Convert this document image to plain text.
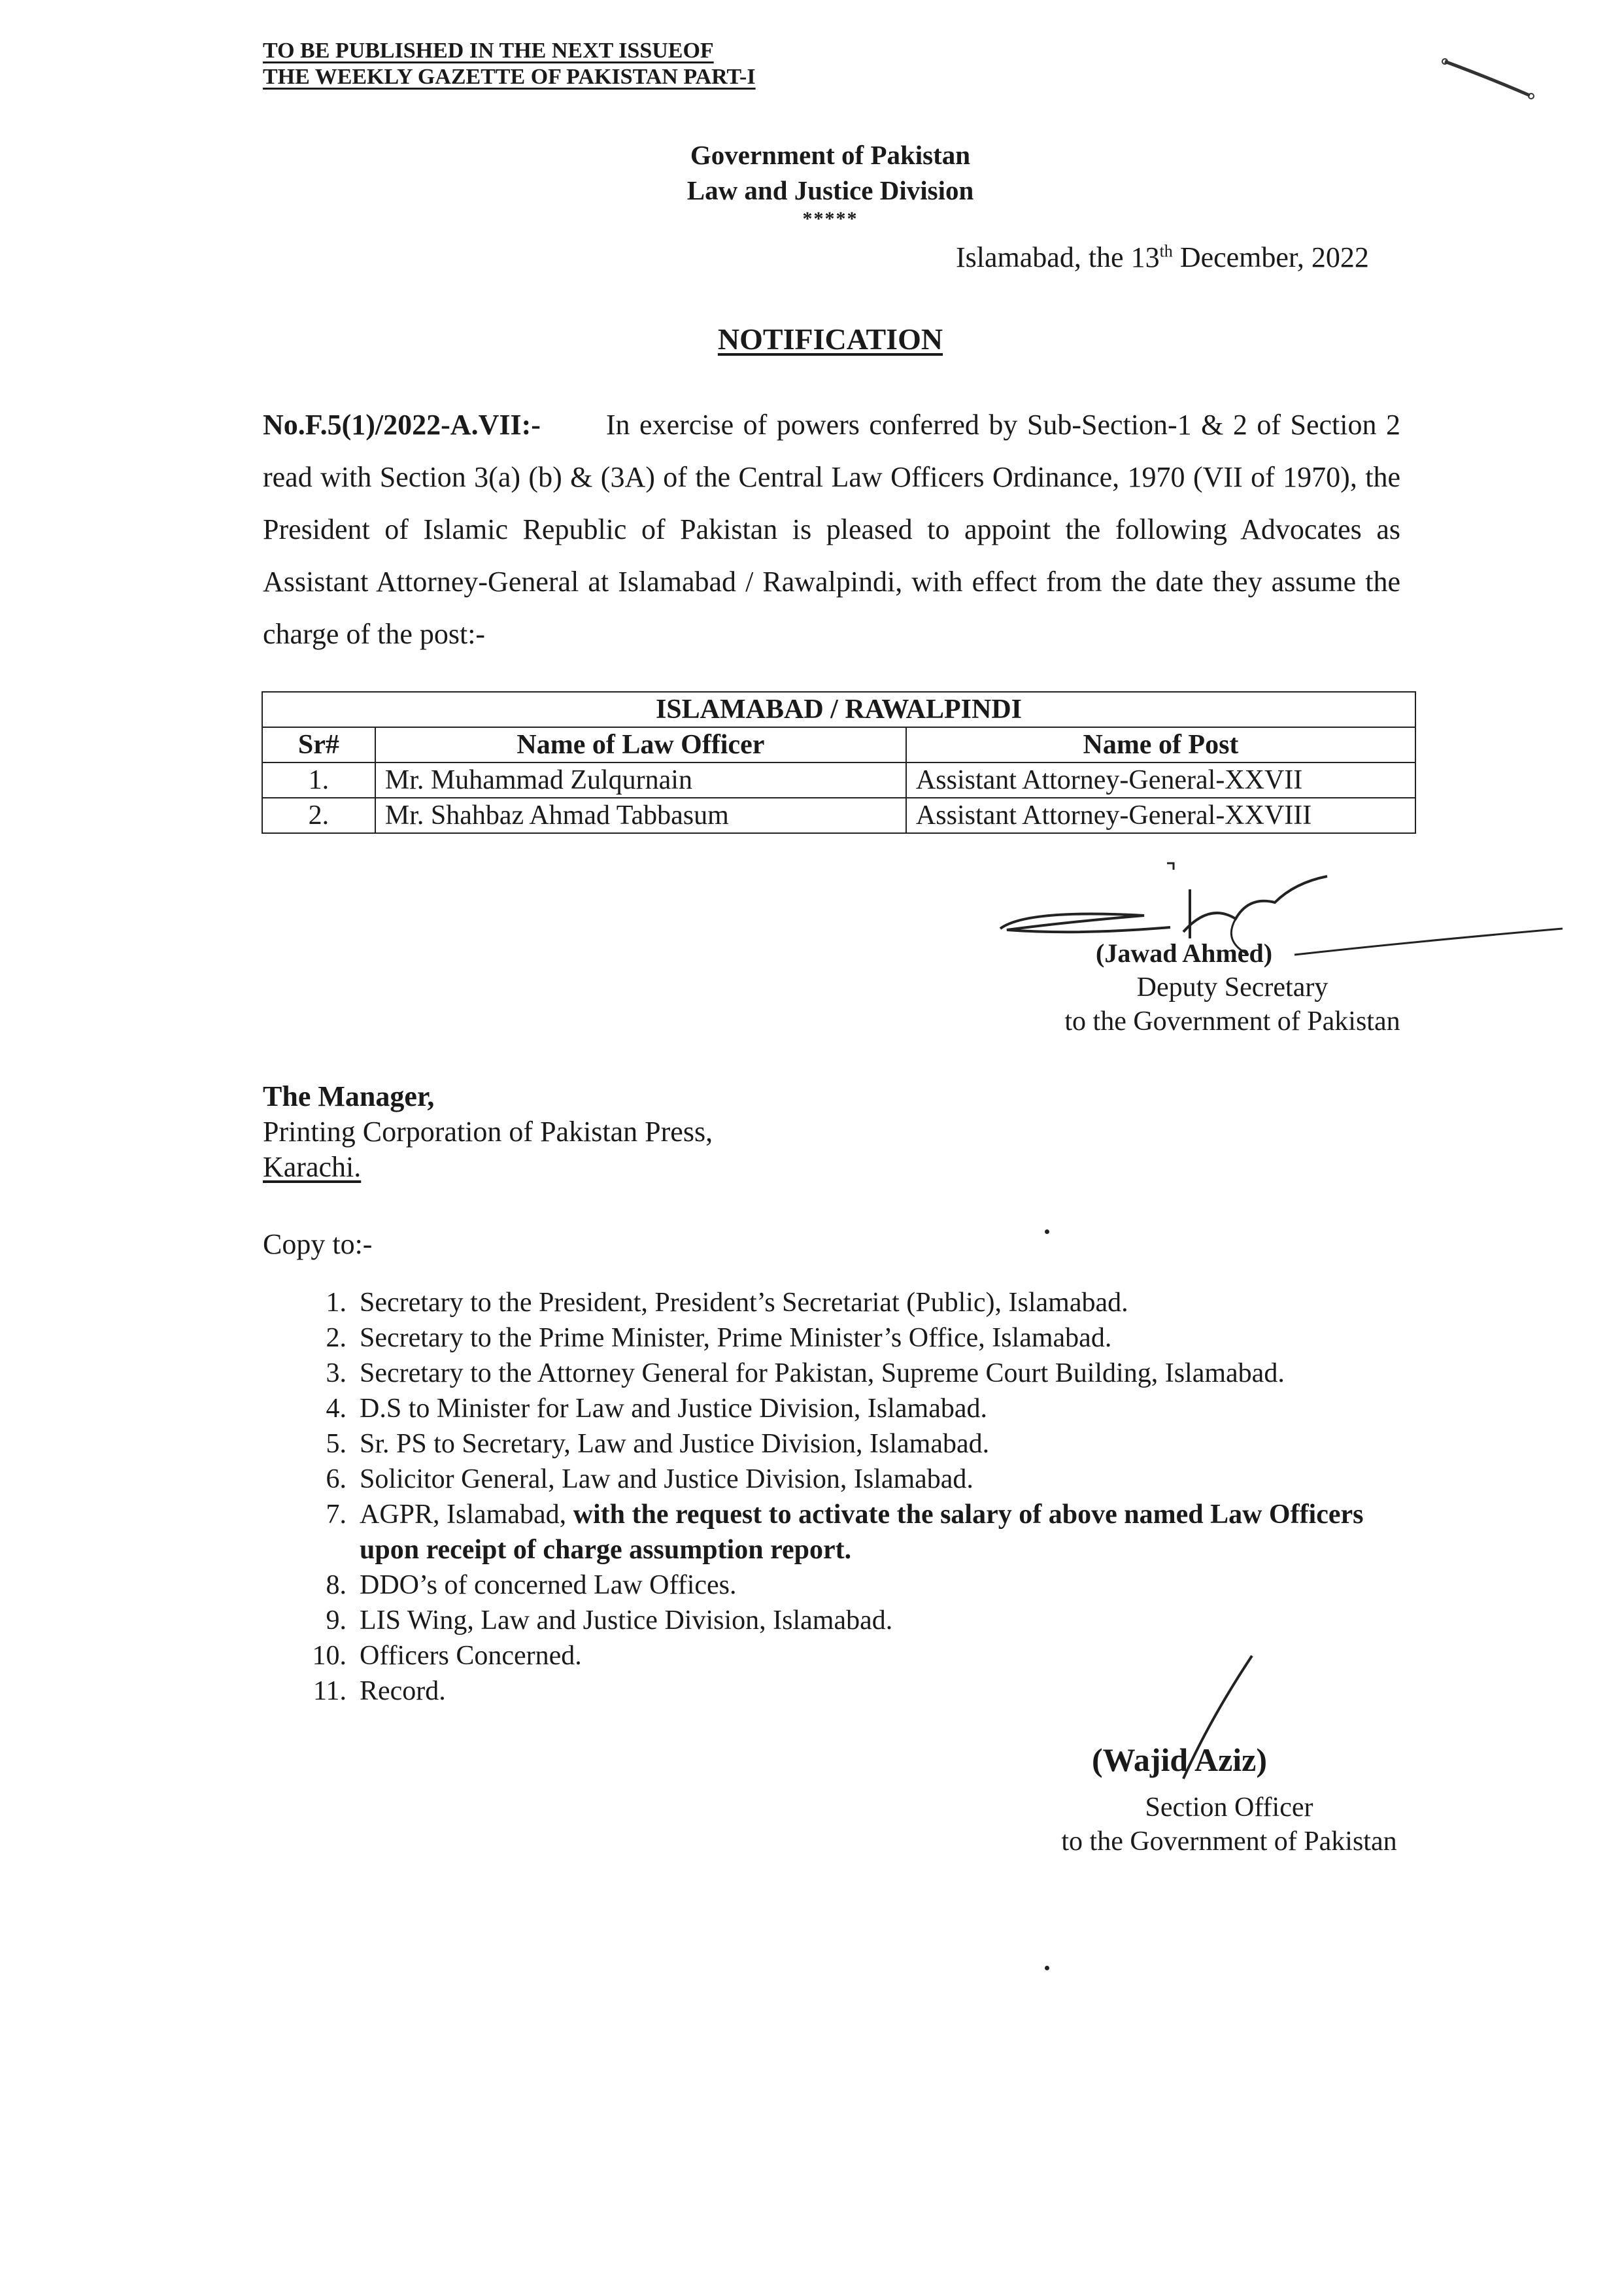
TO BE PUBLISHED IN THE NEXT ISSUEOF
THE WEEKLY GAZETTE OF PAKISTAN PART-I
Government of Pakistan
Law and Justice Division
*****
Islamabad, the 13th December, 2022
NOTIFICATION
No.F.5(1)/2022-A.VII:- In exercise of powers conferred by Sub-Section-1 & 2 of Section 2 read with Section 3(a) (b) & (3A) of the Central Law Officers Ordinance, 1970 (VII of 1970), the President of Islamic Republic of Pakistan is pleased to appoint the following Advocates as Assistant Attorney-General at Islamabad / Rawalpindi, with effect from the date they assume the charge of the post:-
ISLAMABAD / RAWALPINDI		
Sr#	Name of Law Officer	Name of Post
1.	Mr. Muhammad Zulqurnain	Assistant Attorney-General-XXVII
2.	Mr. Shahbaz Ahmad Tabbasum	Assistant Attorney-General-XXVIII
(Jawad Ahmed)
Deputy Secretary
to the Government of Pakistan
The Manager,
Printing Corporation of Pakistan Press,
Karachi.
Copy to:-
1. Secretary to the President, President’s Secretariat (Public), Islamabad.
2. Secretary to the Prime Minister, Prime Minister’s Office, Islamabad.
3. Secretary to the Attorney General for Pakistan, Supreme Court Building, Islamabad.
4. D.S to Minister for Law and Justice Division, Islamabad.
5. Sr. PS to Secretary, Law and Justice Division, Islamabad.
6. Solicitor General, Law and Justice Division, Islamabad.
7. AGPR, Islamabad, with the request to activate the salary of above named Law Officers upon receipt of charge assumption report.
8. DDO’s of concerned Law Offices.
9. LIS Wing, Law and Justice Division, Islamabad.
10. Officers Concerned.
11. Record.
(Wajid Aziz)
Section Officer
to the Government of Pakistan
